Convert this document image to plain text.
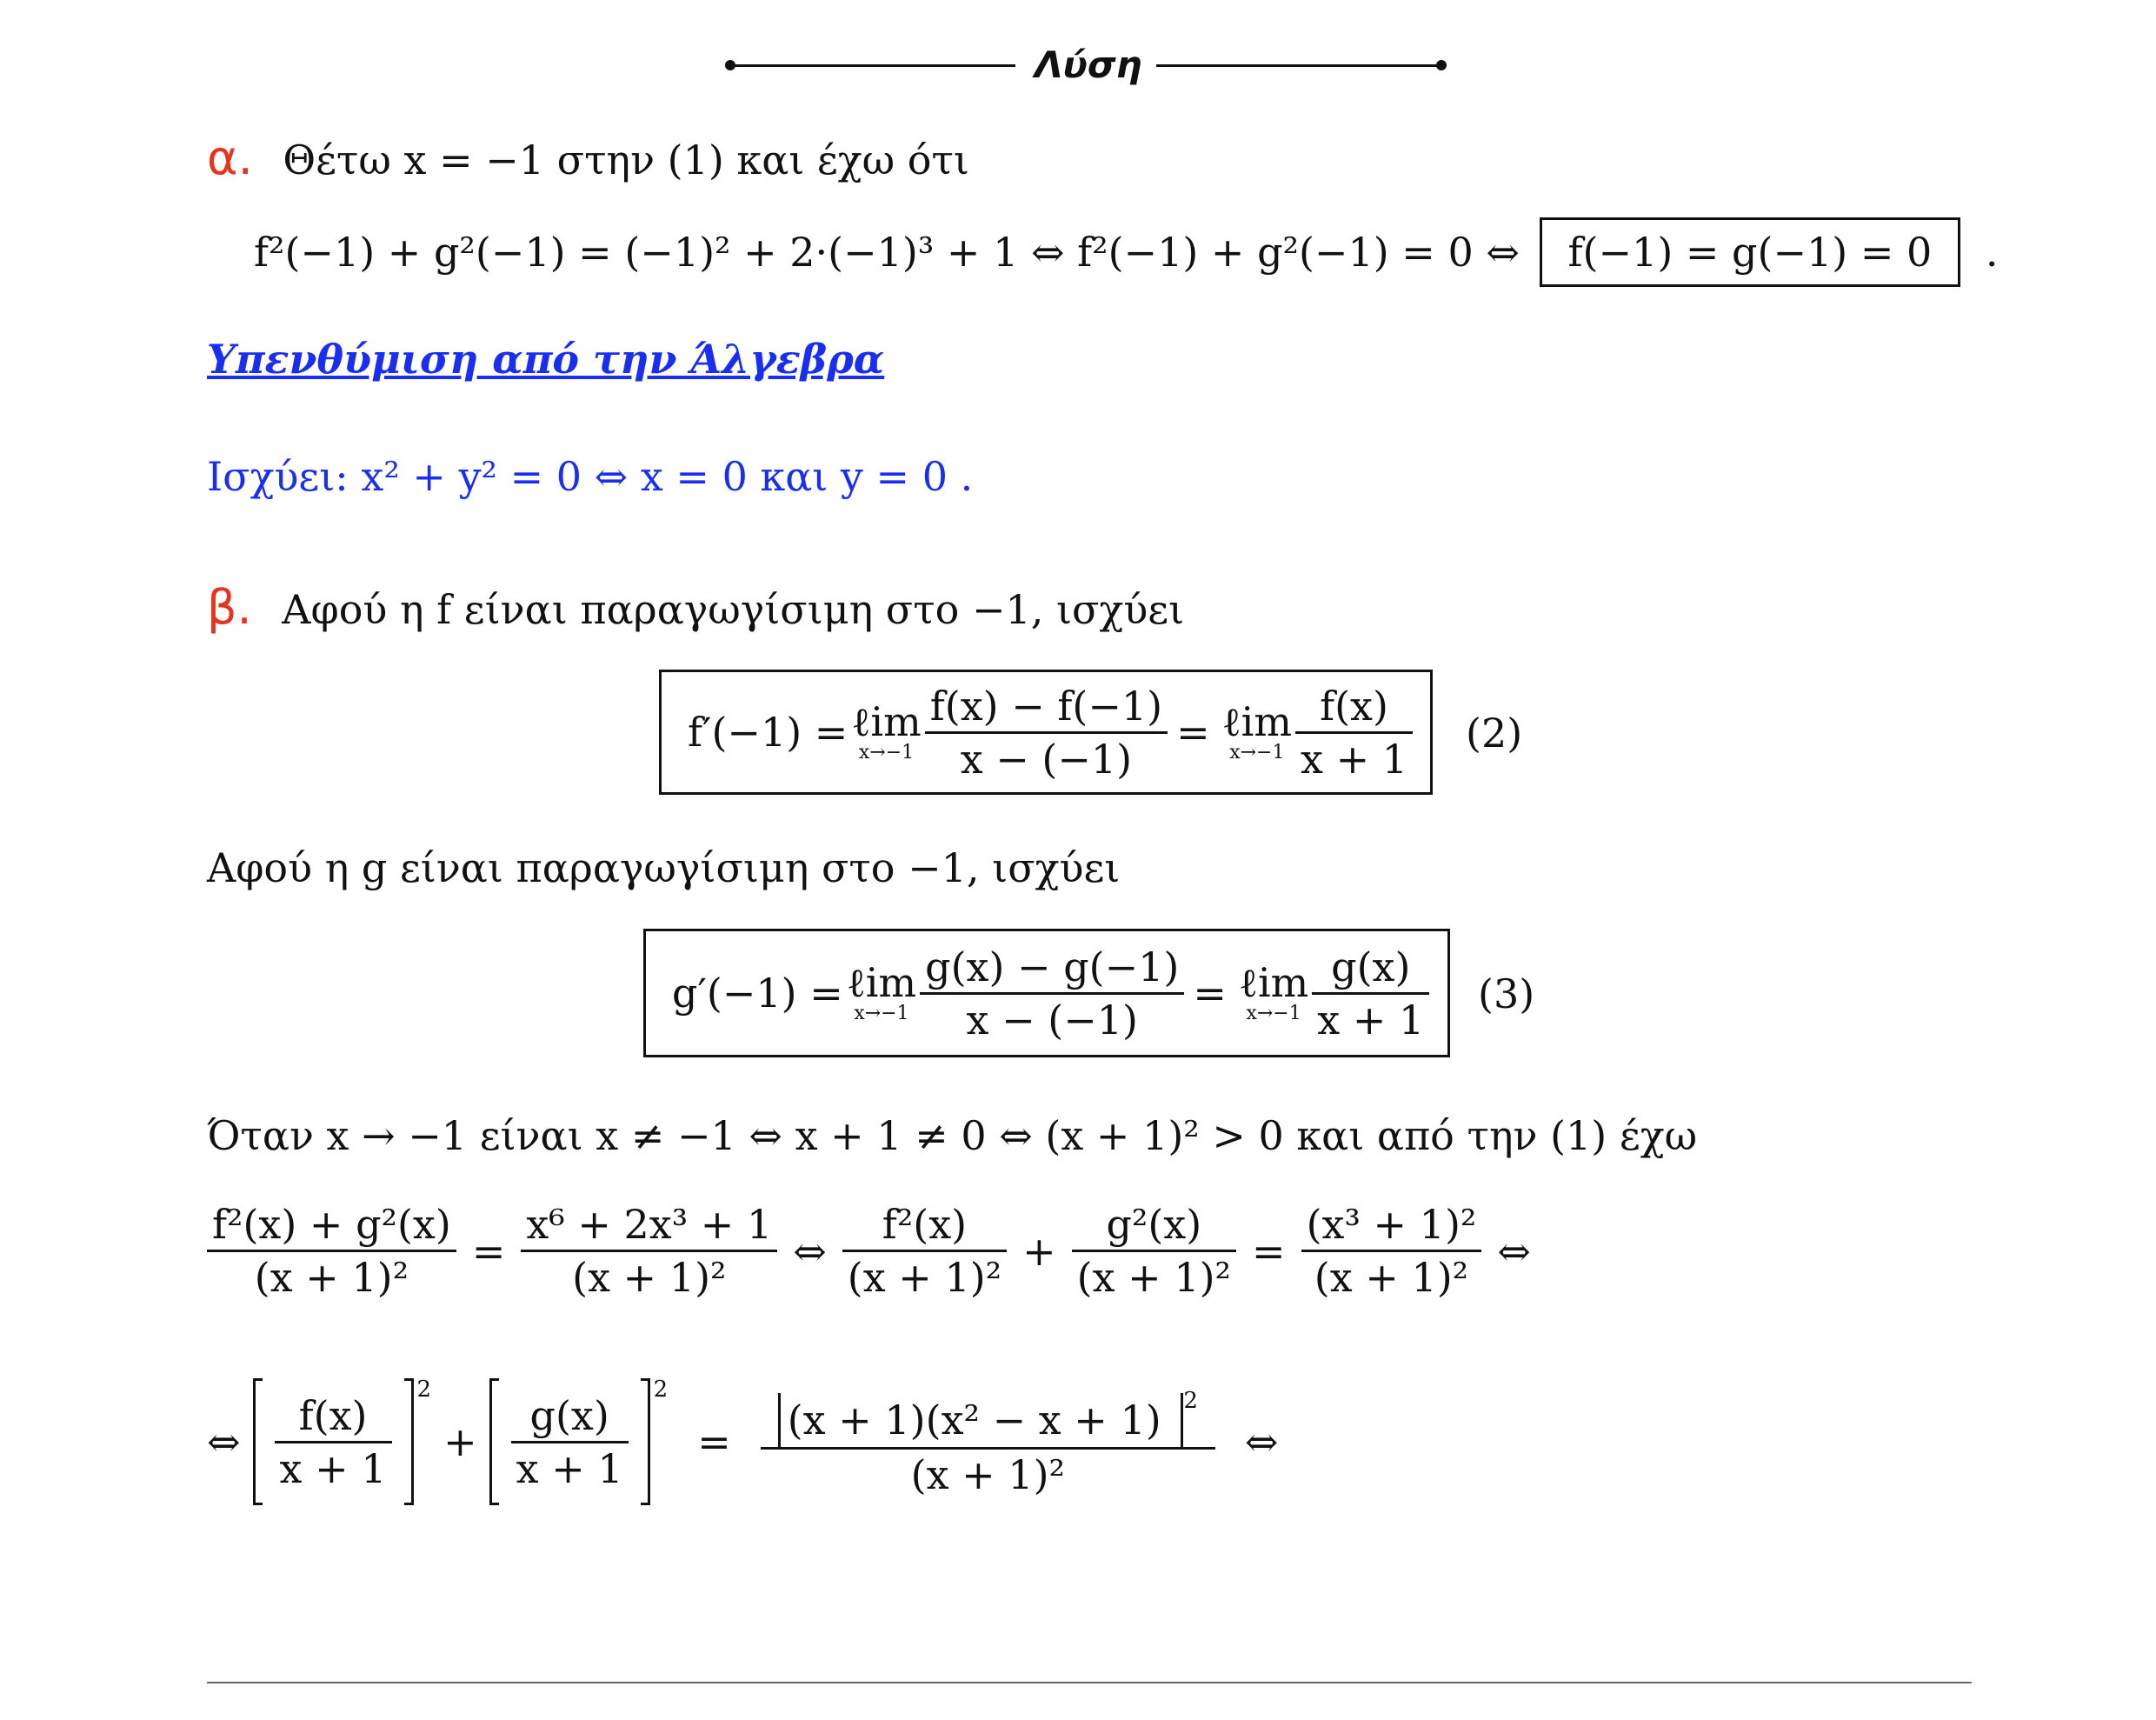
Λύση
α. Θέτω x = −1 στην (1) και έχω ότι
f²(−1) + g²(−1) = (−1)² + 2·(−1)³ + 1 ⇔ f²(−1) + g²(−1) = 0 ⇔ f(−1) = g(−1) = 0 .
Υπενθύμιση από την Άλγεβρα
Ισχύει: x² + y² = 0 ⇔ x = 0 και y = 0 .
β. Αφού η f είναι παραγωγίσιμη στο −1, ισχύει
f′(−1) = ℓim
$x\to-1 \frac{f(x) - f(-1)}{x - (-1)}$ = ℓim
$x\to-1 \frac{f(x)}{x + 1} (2)$
Αφού η g είναι παραγωγίσιμη στο −1, ισχύει
g′(−1) = ℓim
$x\to-1 \frac{g(x) - g(-1)}{x - (-1)}$ = ℓim
$x\to-1 \frac{g(x)}{x + 1} (3)$
Όταν x → −1 είναι x ≠ −1 ⇔ x + 1 ≠ 0 ⇔ (x + 1)² > 0 και από την (1) έχω
$\frac{\text{f²(x) + g²(x)}}{\text{(x + 1)²}} = \frac{\text{x⁶ + 2x³ + 1}}{\text{(x + 1)²}}$ ⇔ $\frac{\text{f²(x)}}{\text{(x + 1)²}} + \frac{\text{g²(x)}}{\text{(x + 1)²}} = \frac{\text{(x³ + 1)²}}{\text{(x + 1)²}}$ ⇔
⇔ $\frac{f(x)}{x + 1}$
2
+ $\frac{g(x)}{x + 1}$
2
= $\frac{(x + 1)(x^2 - x + 1) ^2}{\text{(x + 1)²}}$ ⇔
